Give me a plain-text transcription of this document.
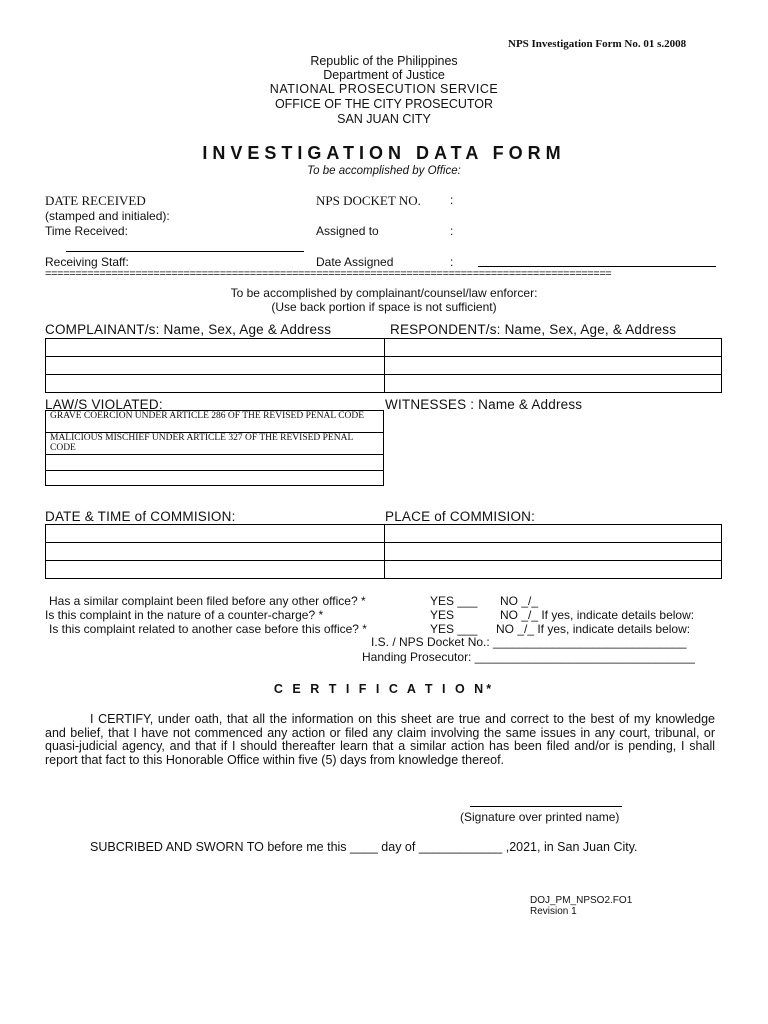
NPS Investigation Form No. 01 s.2008
Republic of the Philippines
Department of Justice
NATIONAL PROSECUTION SERVICE
OFFICE OF THE CITY PROSECUTOR
SAN JUAN CITY
INVESTIGATION DATA FORM
To be accomplished by Office:
DATE RECEIVED
(stamped and initialed):
Time Received:
Receiving Staff:
NPS DOCKET NO. :
Assigned to	:
Date Assigned	:
==============================================================================================
To be accomplished by complainant/counsel/law enforcer:
(Use back portion if space is not sufficient)
COMPLAINANT/s: Name, Sex, Age & Address	RESPONDENT/s: Name, Sex, Age, & Address

LAW/S VIOLATED:	WITNESSES : Name & Address
GRAVE COERCION UNDER ARTICLE 286 OF THE REVISED PENAL CODE
MALICIOUS MISCHIEF UNDER ARTICLE 327 OF THE REVISED PENAL CODE

DATE & TIME of COMMISION:	PLACE of COMMISION:

Has a similar complaint been filed before any other office? *	YES ___ NO _/_
Is this complaint in the nature of a counter-charge? *	YES	NO _/_ If yes, indicate details below:
Is this complaint related to another case before this office? *	YES ___ NO _/_ If yes, indicate details below:
I.S. / NPS Docket No.: _____________________________
Handing Prosecutor: _________________________________
C E R T I F I C A T I O N*
I CERTIFY, under oath, that all the information on this sheet are true and correct to the best of my knowledge and belief, that I have not commenced any action or filed any claim involving the same issues in any court, tribunal, or quasi-judicial agency, and that if I should thereafter learn that a similar action has been filed and/or is pending, I shall report that fact to this Honorable Office within five (5) days from knowledge thereof.
(Signature over printed name)
SUBCRIBED AND SWORN TO before me this ____ day of ____________ ,2021, in San Juan City.
DOJ_PM_NPSO2.FO1
Revision 1
